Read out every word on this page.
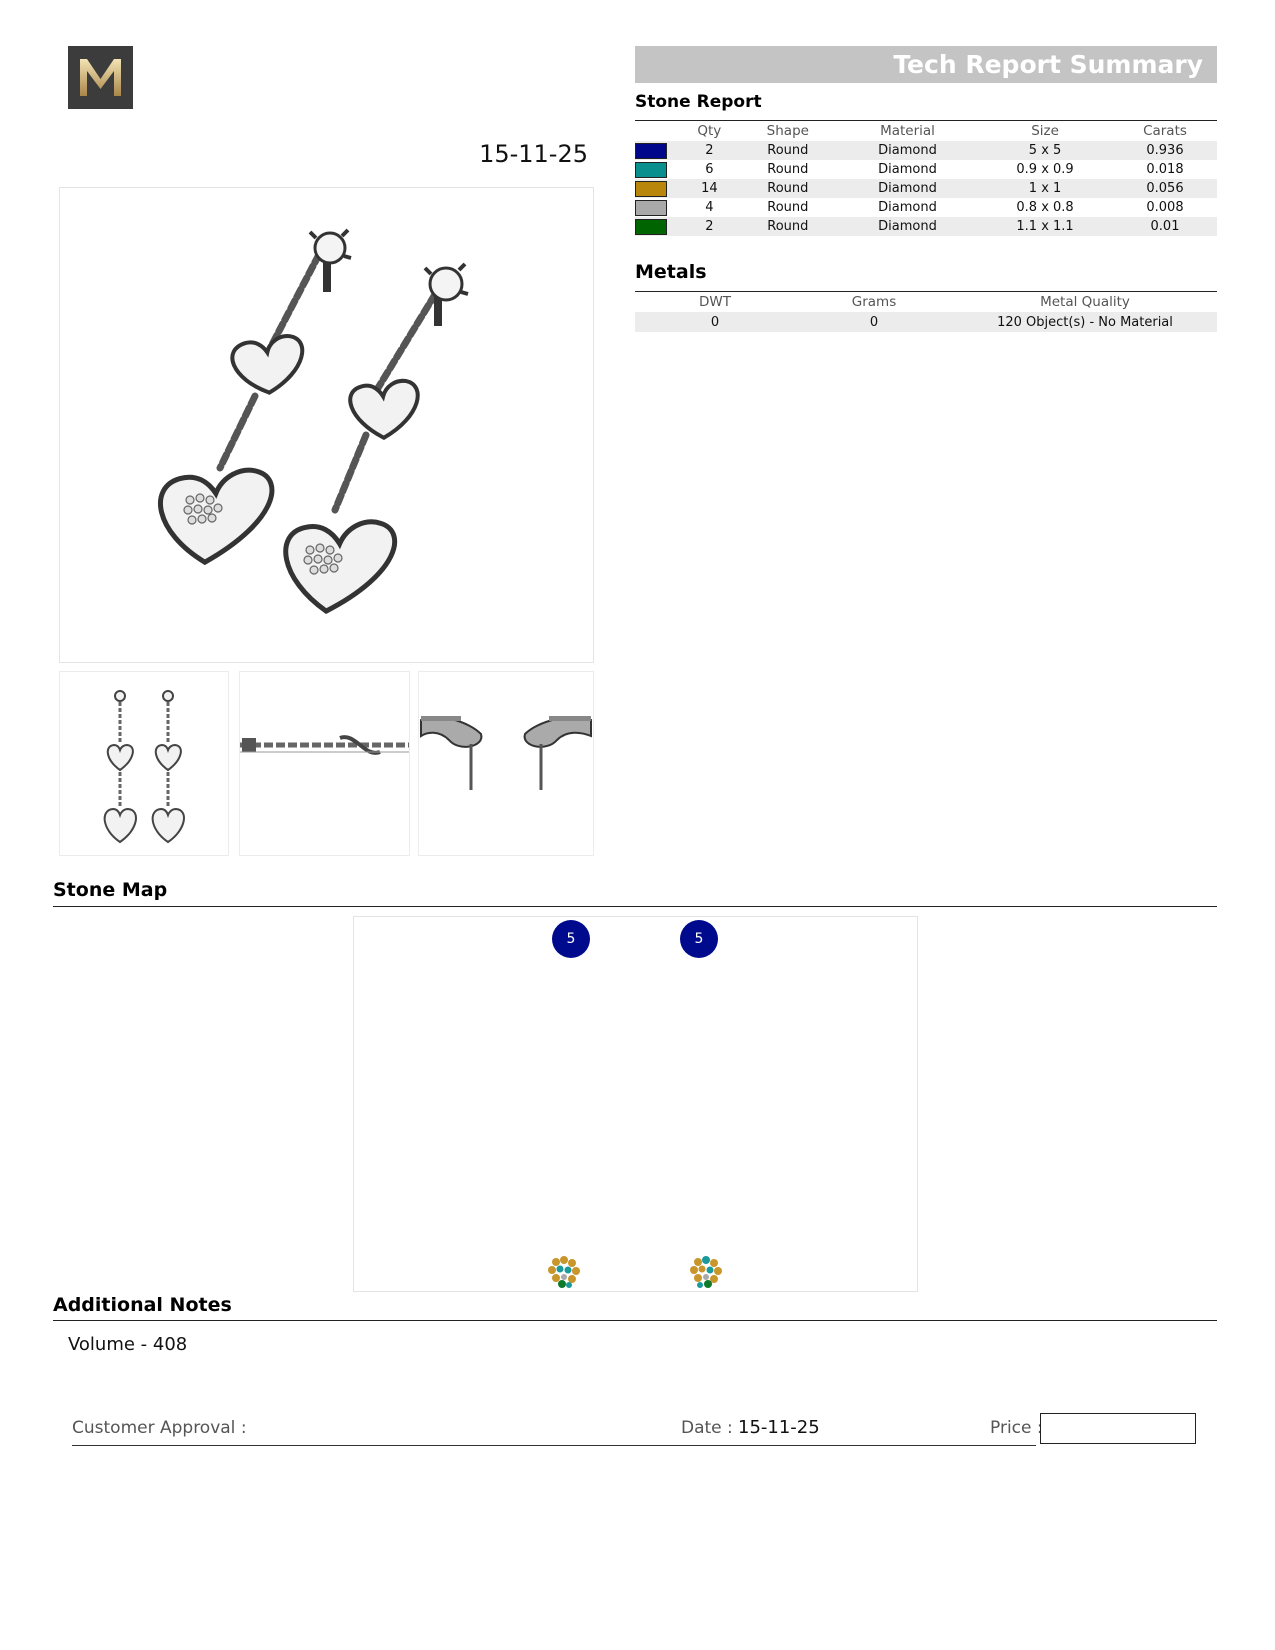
15-11-25
Tech Report Summary
Stone Report
	Qty	Shape	Material	Size	Carats
	2	Round	Diamond	5 x 5	0.936
	6	Round	Diamond	0.9 x 0.9	0.018
	14	Round	Diamond	1 x 1	0.056
	4	Round	Diamond	0.8 x 0.8	0.008
	2	Round	Diamond	1.1 x 1.1	0.01
Metals
DWT	Grams	Metal Quality
0	0	120 Object(s) - No Material
Stone Map
5	5
Additional Notes
Volume - 408
Customer Approval :	Date : 15-11-25	Price :
